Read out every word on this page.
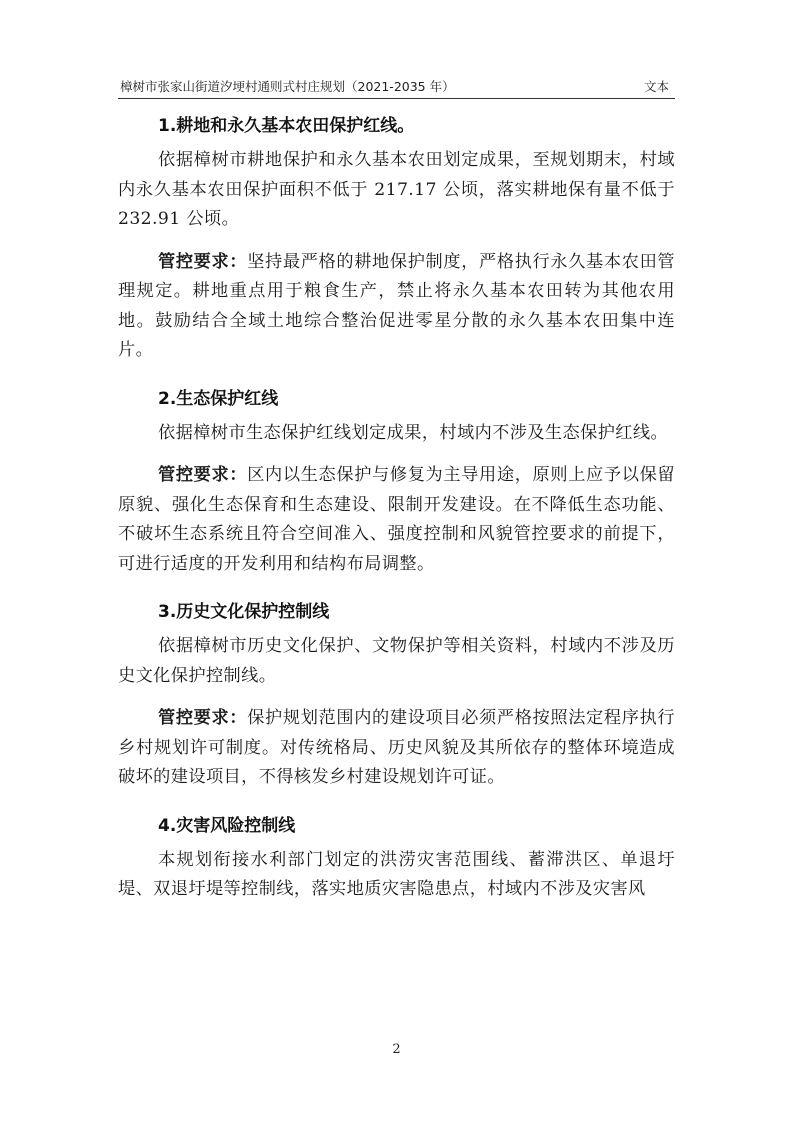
樟树市张家山街道汐埂村通则式村庄规划（2021-2035 年）	文本
1.耕地和永久基本农田保护红线。

依据樟树市耕地保护和永久基本农田划定成果，至规划期末，村域内永久基本农田保护面积不低于 217.17 公顷，落实耕地保有量不低于 232.91 公顷。

管控要求：坚持最严格的耕地保护制度，严格执行永久基本农田管理规定。耕地重点用于粮食生产，禁止将永久基本农田转为其他农用地。鼓励结合全域土地综合整治促进零星分散的永久基本农田集中连片。

2.生态保护红线

依据樟树市生态保护红线划定成果，村域内不涉及生态保护红线。

管控要求：区内以生态保护与修复为主导用途，原则上应予以保留原貌、强化生态保育和生态建设、限制开发建设。在不降低生态功能、不破坏生态系统且符合空间准入、强度控制和风貌管控要求的前提下，可进行适度的开发利用和结构布局调整。

3.历史文化保护控制线

依据樟树市历史文化保护、文物保护等相关资料，村域内不涉及历史文化保护控制线。

管控要求：保护规划范围内的建设项目必须严格按照法定程序执行乡村规划许可制度。对传统格局、历史风貌及其所依存的整体环境造成破坏的建设项目，不得核发乡村建设规划许可证。

4.灾害风险控制线

本规划衔接水利部门划定的洪涝灾害范围线、蓄滞洪区、单退圩堤、双退圩堤等控制线，落实地质灾害隐患点，村域内不涉及灾害风

2
